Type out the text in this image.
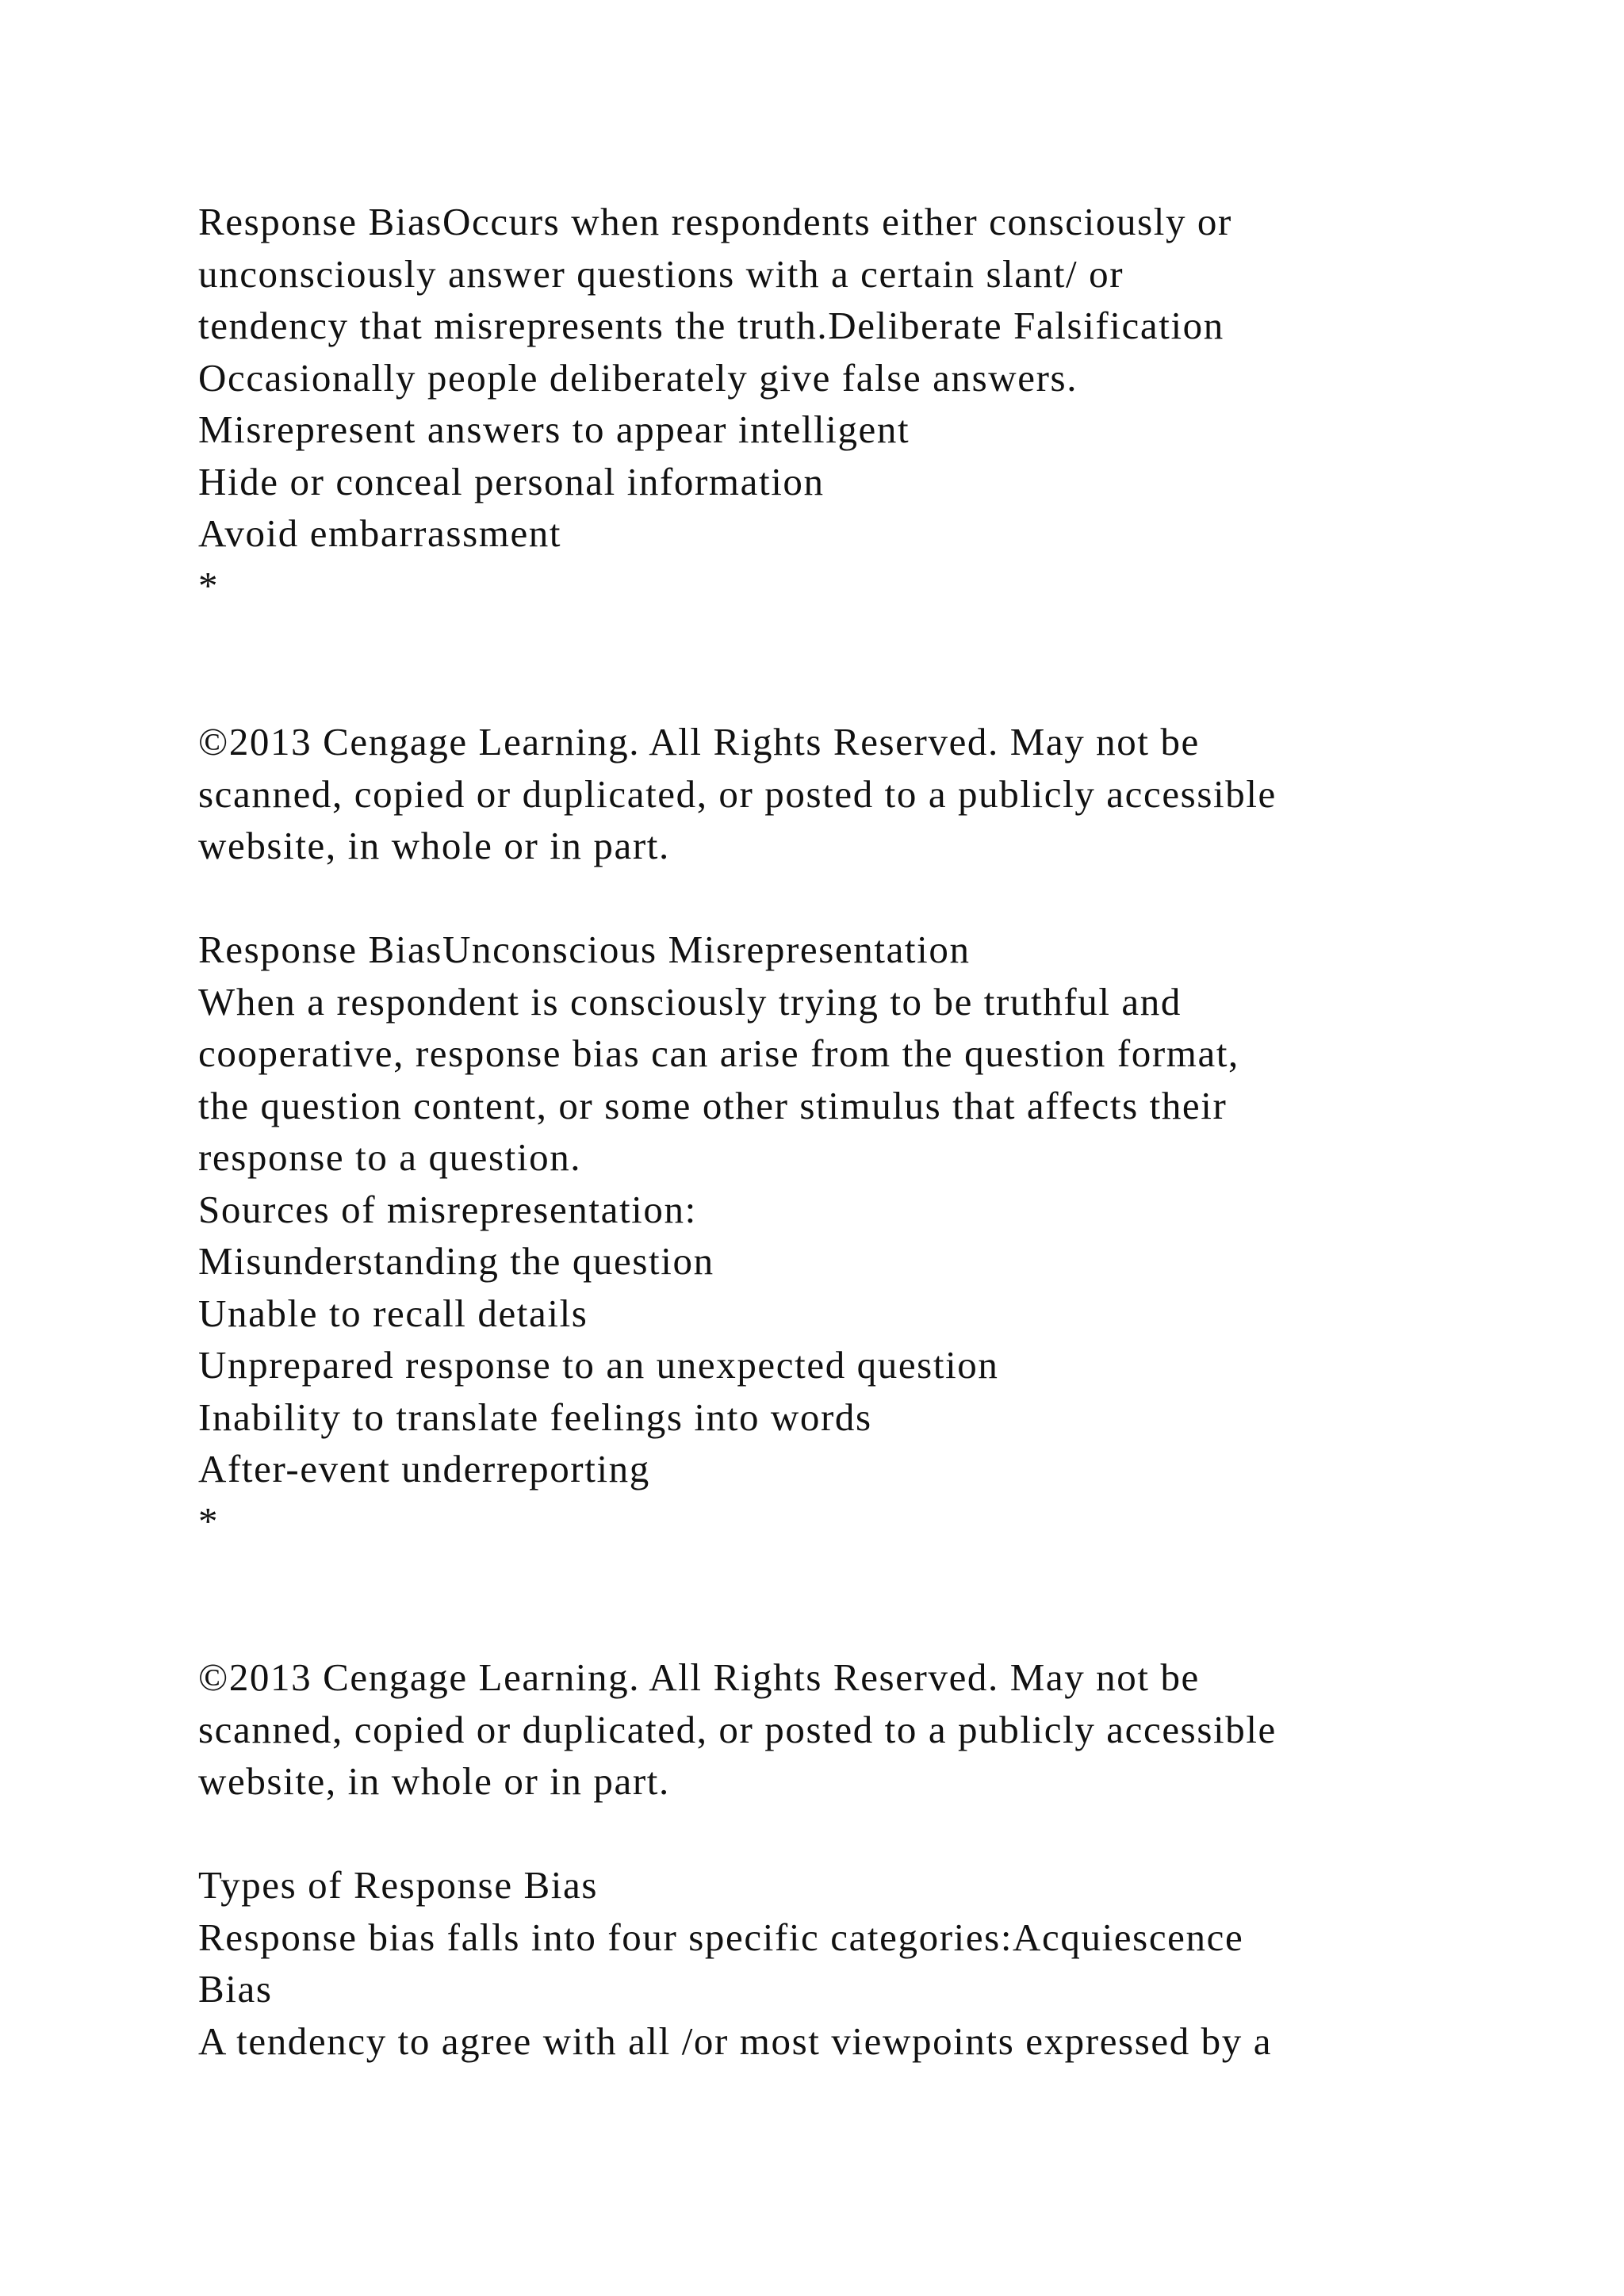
Response BiasOccurs when respondents either consciously or
unconsciously answer questions with a certain slant/ or
tendency that misrepresents the truth.Deliberate Falsification
Occasionally people deliberately give false answers.
Misrepresent answers to appear intelligent
Hide or conceal personal information
Avoid embarrassment
*
©2013 Cengage Learning. All Rights Reserved. May not be
scanned, copied or duplicated, or posted to a publicly accessible
website, in whole or in part.
Response BiasUnconscious Misrepresentation
When a respondent is consciously trying to be truthful and
cooperative, response bias can arise from the question format,
the question content, or some other stimulus that affects their
response to a question.
Sources of misrepresentation:
Misunderstanding the question
Unable to recall details
Unprepared response to an unexpected question
Inability to translate feelings into words
After-event underreporting
*
©2013 Cengage Learning. All Rights Reserved. May not be
scanned, copied or duplicated, or posted to a publicly accessible
website, in whole or in part.
Types of Response Bias
Response bias falls into four specific categories:Acquiescence
Bias
A tendency to agree with all /or most viewpoints expressed by a
